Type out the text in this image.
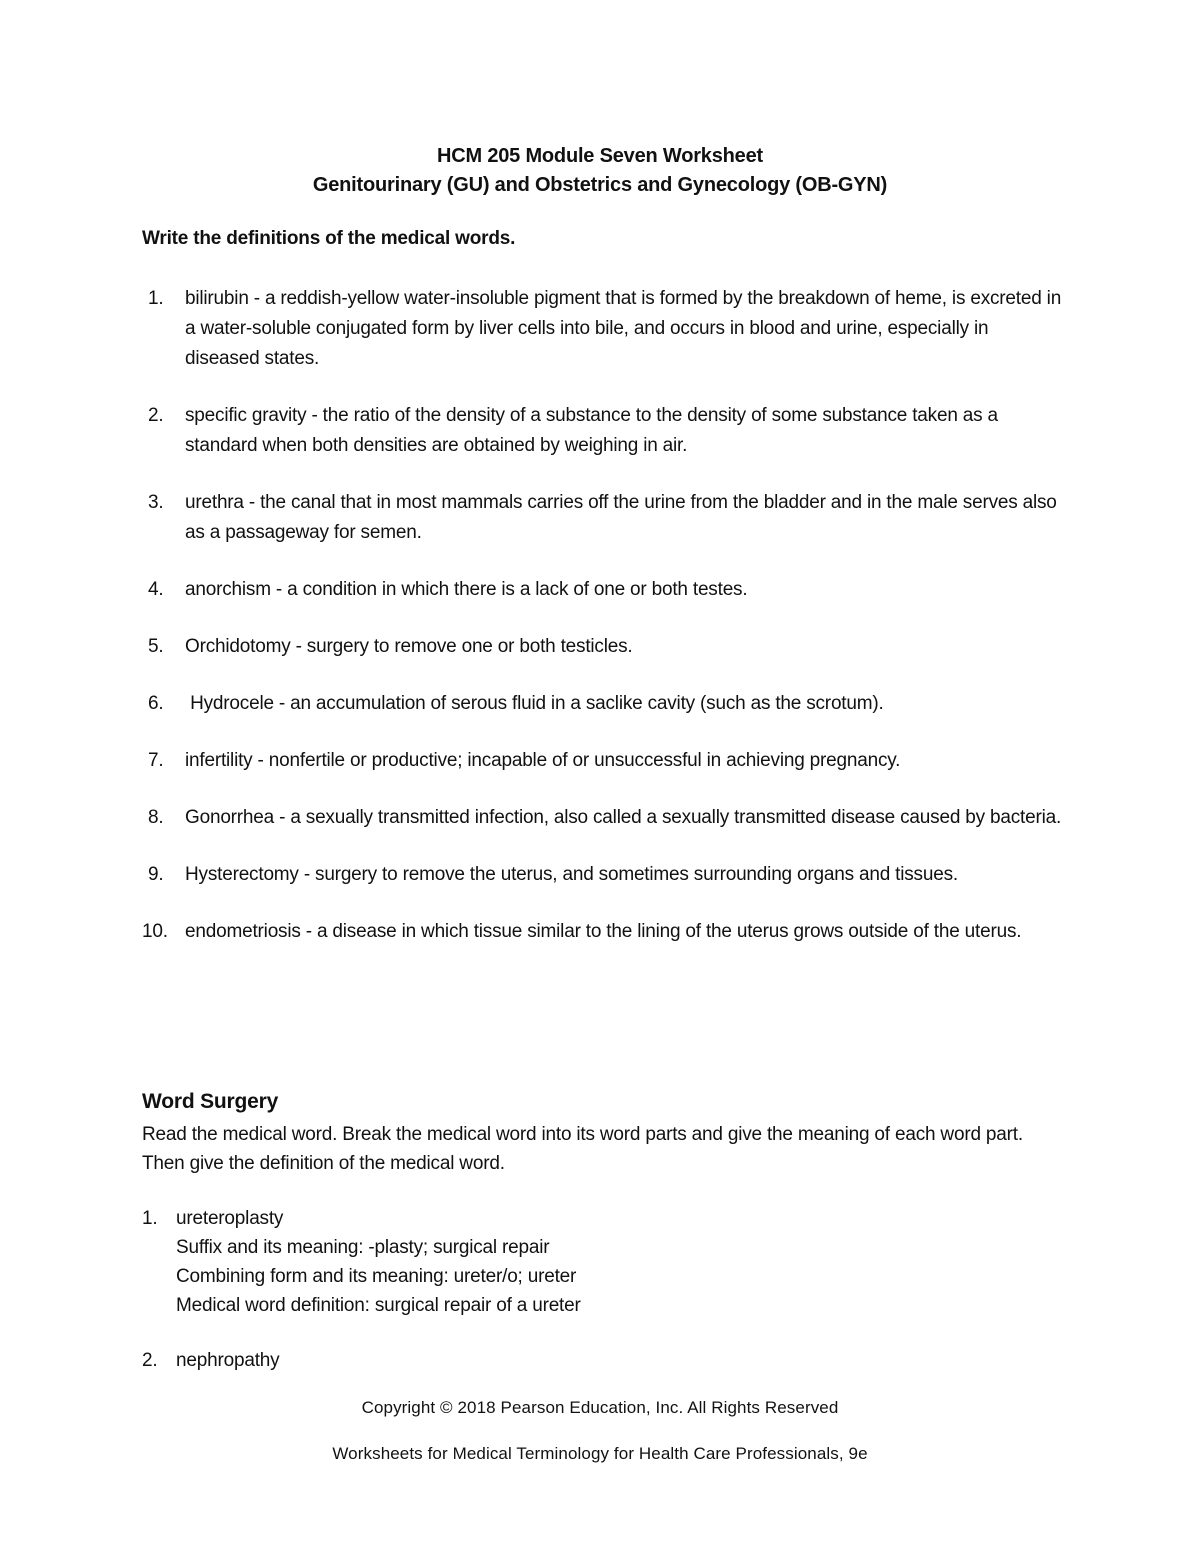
HCM 205 Module Seven Worksheet
Genitourinary (GU) and Obstetrics and Gynecology (OB-GYN)
Write the definitions of the medical words.
1. bilirubin - a reddish-yellow water-insoluble pigment that is formed by the breakdown of heme, is excreted in a water-soluble conjugated form by liver cells into bile, and occurs in blood and urine, especially in diseased states.
2. specific gravity - the ratio of the density of a substance to the density of some substance taken as a standard when both densities are obtained by weighing in air.
3. urethra - the canal that in most mammals carries off the urine from the bladder and in the male serves also as a passageway for semen.
4. anorchism - a condition in which there is a lack of one or both testes.
5. Orchidotomy - surgery to remove one or both testicles.
6. Hydrocele - an accumulation of serous fluid in a saclike cavity (such as the scrotum).
7. infertility - nonfertile or productive; incapable of or unsuccessful in achieving pregnancy.
8. Gonorrhea - a sexually transmitted infection, also called a sexually transmitted disease caused by bacteria.
9. Hysterectomy - surgery to remove the uterus, and sometimes surrounding organs and tissues.
10. endometriosis - a disease in which tissue similar to the lining of the uterus grows outside of the uterus.
Word Surgery
Read the medical word. Break the medical word into its word parts and give the meaning of each word part. Then give the definition of the medical word.
1. ureteroplasty
Suffix and its meaning: -plasty; surgical repair
Combining form and its meaning: ureter/o; ureter
Medical word definition: surgical repair of a ureter
2. nephropathy
Copyright © 2018 Pearson Education, Inc. All Rights Reserved
Worksheets for Medical Terminology for Health Care Professionals, 9e
